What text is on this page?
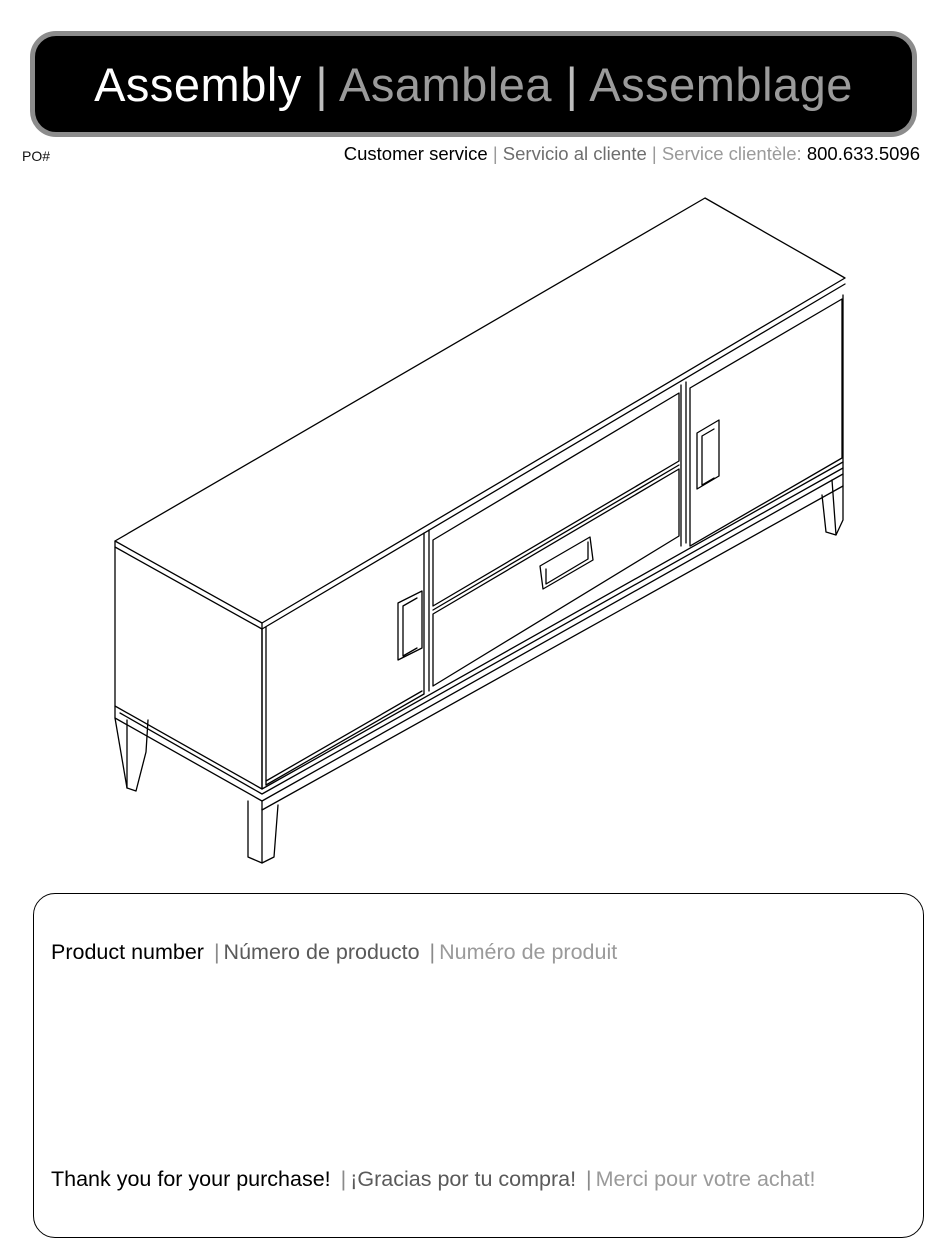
Assembly | Asamblea | Assemblage
PO#	Customer service | Servicio al cliente | Service clientèle: 800.633.5096
Product number | Número de producto | Numéro de produit
Thank you for your purchase! | ¡Gracias por tu compra! | Merci pour votre achat!
